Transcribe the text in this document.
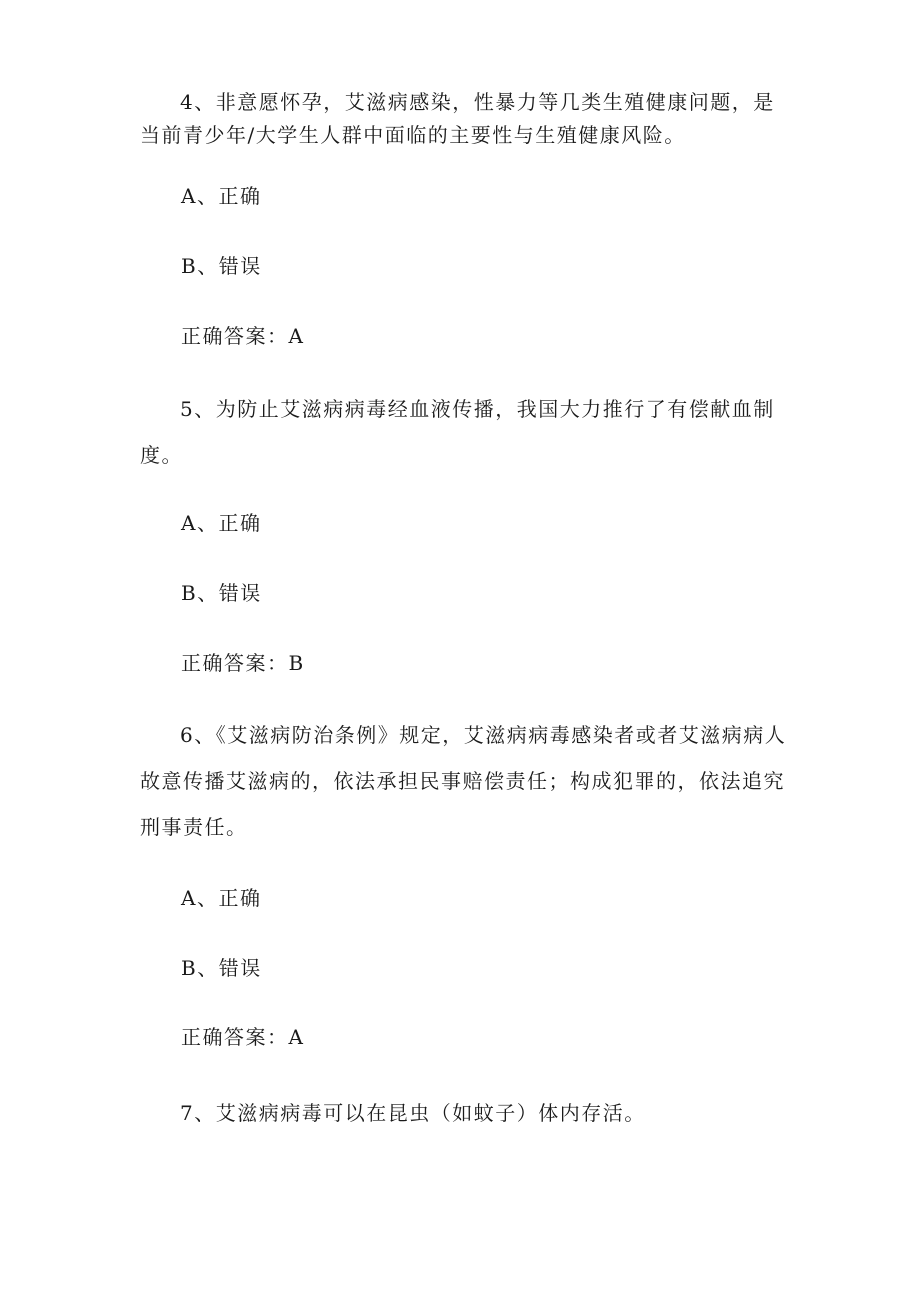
4、非意愿怀孕，艾滋病感染，性暴力等几类生殖健康问题，是当前青少年/大学生人群中面临的主要性与生殖健康风险。

A、正确

B、错误

正确答案：A

5、为防止艾滋病病毒经血液传播，我国大力推行了有偿献血制度。

A、正确

B、错误

正确答案：B

6、《艾滋病防治条例》规定，艾滋病病毒感染者或者艾滋病病人故意传播艾滋病的，依法承担民事赔偿责任；构成犯罪的，依法追究刑事责任。

A、正确

B、错误

正确答案：A

7、艾滋病病毒可以在昆虫（如蚊子）体内存活。
